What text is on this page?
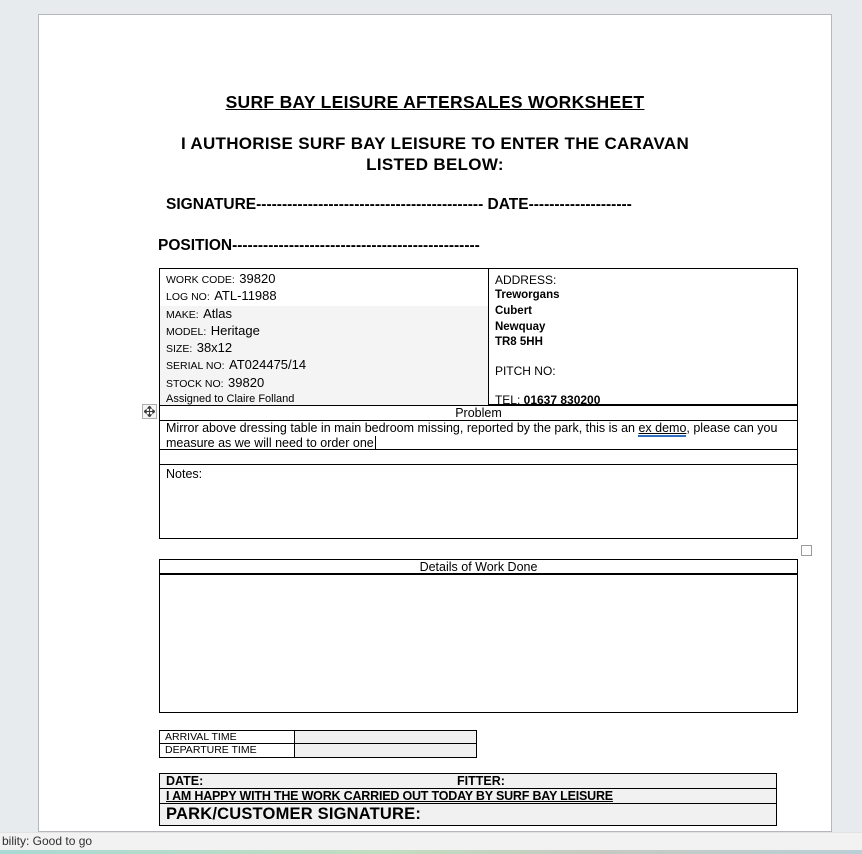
SURF BAY LEISURE AFTERSALES WORKSHEET
I AUTHORISE SURF BAY LEISURE TO ENTER THE CARAVAN
LISTED BELOW:
SIGNATURE-------------------------------------------- DATE--------------------
POSITION------------------------------------------------
WORK CODE: 39820
LOG NO: ATL-11988
MAKE: Atlas
MODEL: Heritage
SIZE: 38x12
SERIAL NO: AT024475/14
STOCK NO: 39820
Assigned to Claire Folland
ADDRESS:
Treworgans
Cubert
Newquay
TR8 5HH
PITCH NO:
TEL: 01637 830200
Problem
Mirror above dressing table in main bedroom missing, reported by the park, this is an ex demo, please can you measure as we will need to order one
Notes:
Details of Work Done
ARRIVAL TIME
DEPARTURE TIME
DATE:	FITTER:
I AM HAPPY WITH THE WORK CARRIED OUT TODAY BY SURF BAY LEISURE
PARK/CUSTOMER SIGNATURE:
bility: Good to go
